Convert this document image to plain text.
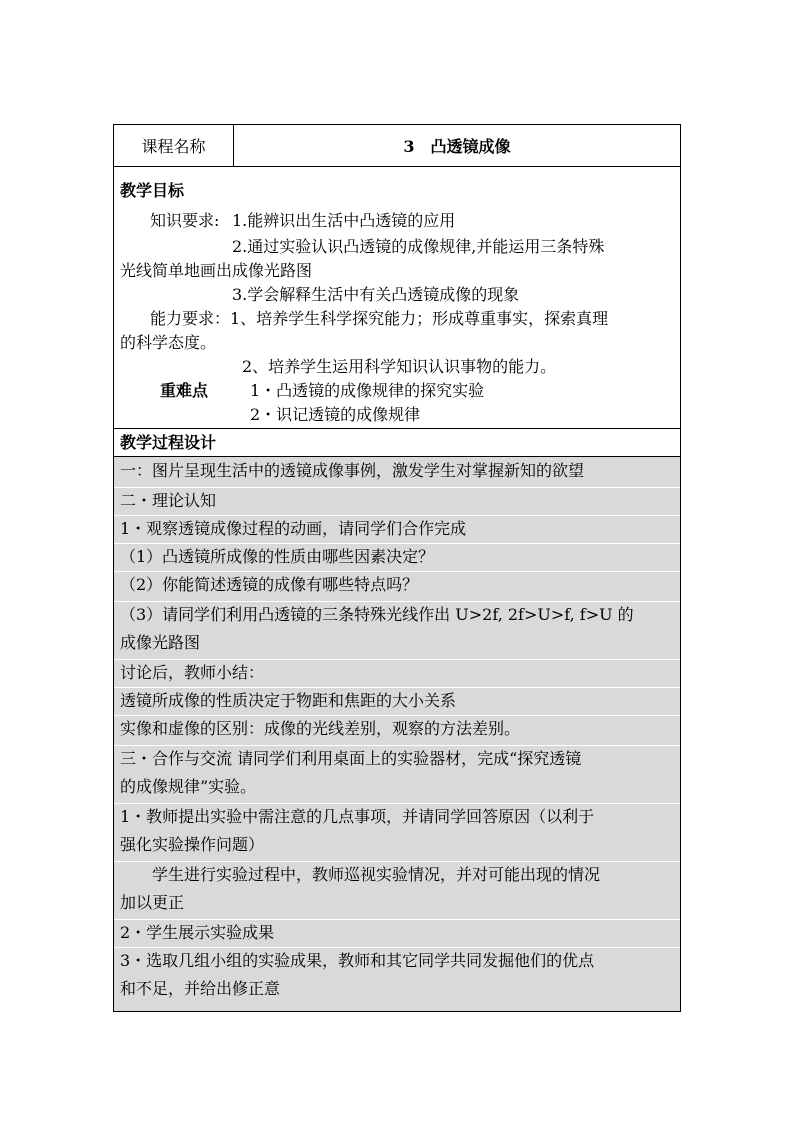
课程名称	3　凸透镜成像
教学目标
知识要求: 1.能辨识出生活中凸透镜的应用
2.通过实验认识凸透镜的成像规律,并能运用三条特殊
光线简单地画出成像光路图
3.学会解释生活中有关凸透镜成像的现象
能力要求：1、培养学生科学探究能力；形成尊重事实，探索真理
的科学态度。
2、培养学生运用科学知识认识事物的能力。
重难点	1・凸透镜的成像规律的探究实验
2・识记透镜的成像规律
教学过程设计
一：图片呈现生活中的透镜成像事例，激发学生对掌握新知的欲望
二・理论认知
1・观察透镜成像过程的动画，请同学们合作完成
（1）凸透镜所成像的性质由哪些因素决定？
（2）你能简述透镜的成像有哪些特点吗？
（3）请同学们利用凸透镜的三条特殊光线作出 U>2f, 2f>U>f, f>U 的
成像光路图
讨论后，教师小结：
透镜所成像的性质决定于物距和焦距的大小关系
实像和虚像的区别：成像的光线差别，观察的方法差别。
三・合作与交流 请同学们利用桌面上的实验器材，完成“探究透镜
的成像规律”实验。
1・教师提出实验中需注意的几点事项，并请同学回答原因（以利于
强化实验操作问题）
　　学生进行实验过程中，教师巡视实验情况，并对可能出现的情况
加以更正
2・学生展示实验成果
3・选取几组小组的实验成果，教师和其它同学共同发掘他们的优点
和不足，并给出修正意
